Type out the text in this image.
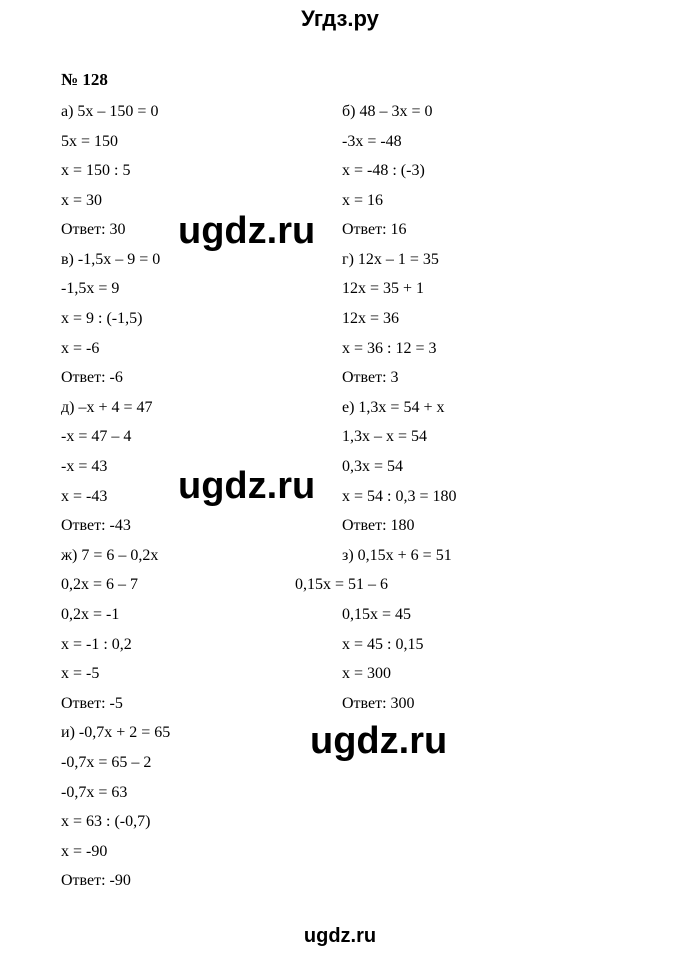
Угдз.ру
№ 128
а) 5х – 150 = 0
5х = 150
х = 150 : 5
х = 30
Ответ: 30
в) -1,5х – 9 = 0
-1,5х = 9
х = 9 : (-1,5)
х = -6
Ответ: -6
д) –х + 4 = 47
-х = 47 – 4
-х = 43
х = -43
Ответ: -43
ж) 7 = 6 – 0,2х
0,2х = 6 – 7
0,2х = -1
х = -1 : 0,2
х = -5
Ответ: -5
и) -0,7х + 2 = 65
-0,7х = 65 – 2
-0,7х = 63
х = 63 : (-0,7)
х = -90
Ответ: -90
б) 48 – 3х = 0
-3х = -48
х = -48 : (-3)
х = 16
Ответ: 16
г) 12х – 1 = 35
12х = 35 + 1
12х = 36
х = 36 : 12 = 3
Ответ: 3
е) 1,3х = 54 + х
1,3х – х = 54
0,3х = 54
х = 54 : 0,3 = 180
Ответ: 180
з) 0,15х + 6 = 51
0,15х = 51 – 6
0,15х = 45
х = 45 : 0,15
х = 300
Ответ: 300
ugdz.ru
ugdz.ru
ugdz.ru
ugdz.ru
